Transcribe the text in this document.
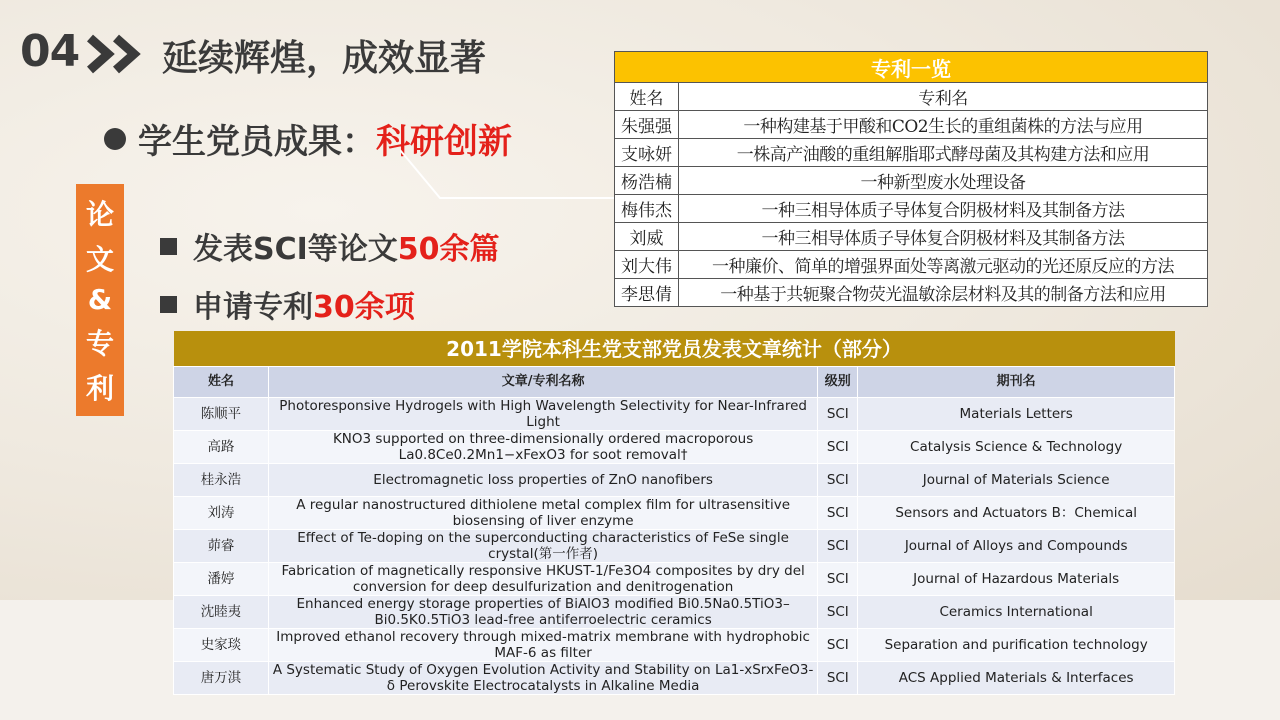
04 延续辉煌，成效显著
学生党员成果： 科研创新
论
文
&
专
利
发表SCI等论文 50余篇
申请专利 30余项
专利一览	
姓名	专利名
朱强强	一种构建基于甲酸和CO2生长的重组菌株的方法与应用
支咏妍	一株高产油酸的重组解脂耶式酵母菌及其构建方法和应用
杨浩楠	一种新型废水处理设备
梅伟杰	一种三相导体质子导体复合阴极材料及其制备方法
刘威	一种三相导体质子导体复合阴极材料及其制备方法
刘大伟	一种廉价、简单的增强界面处等离激元驱动的光还原反应的方法
李思倩	一种基于共轭聚合物荧光温敏涂层材料及其的制备方法和应用
2011学院本科生党支部党员发表文章统计（部分）			
姓名	文章/专利名称	级别	期刊名
陈顺平	Photoresponsive Hydrogels with High Wavelength Selectivity for Near-Infrared Light	SCI	Materials Letters
高路	KNO3 supported on three-dimensionally ordered macroporous La0.8Ce0.2Mn1−xFexO3 for soot removal†	SCI	Catalysis Science & Technology
桂永浩	Electromagnetic loss properties of ZnO nanofibers	SCI	Journal of Materials Science
刘涛	A regular nanostructured dithiolene metal complex film for ultrasensitive biosensing of liver enzyme	SCI	Sensors and Actuators B：Chemical
茆睿	Effect of Te-doping on the superconducting characteristics of FeSe single crystal(第一作者)	SCI	Journal of Alloys and Compounds
潘婷	Fabrication of magnetically responsive HKUST-1/Fe3O4 composites by dry del conversion for deep desulfurization and denitrogenation	SCI	Journal of Hazardous Materials
沈睦夷	Enhanced energy storage properties of BiAlO3 modified Bi0.5Na0.5TiO3–Bi0.5K0.5TiO3 lead-free antiferroelectric ceramics	SCI	Ceramics International
史家琰	Improved ethanol recovery through mixed-matrix membrane with hydrophobic MAF-6 as filter	SCI	Separation and purification technology
唐万淇	A Systematic Study of Oxygen Evolution Activity and Stability on La1-xSrxFeO3-δ Perovskite Electrocatalysts in Alkaline Media	SCI	ACS Applied Materials & Interfaces
